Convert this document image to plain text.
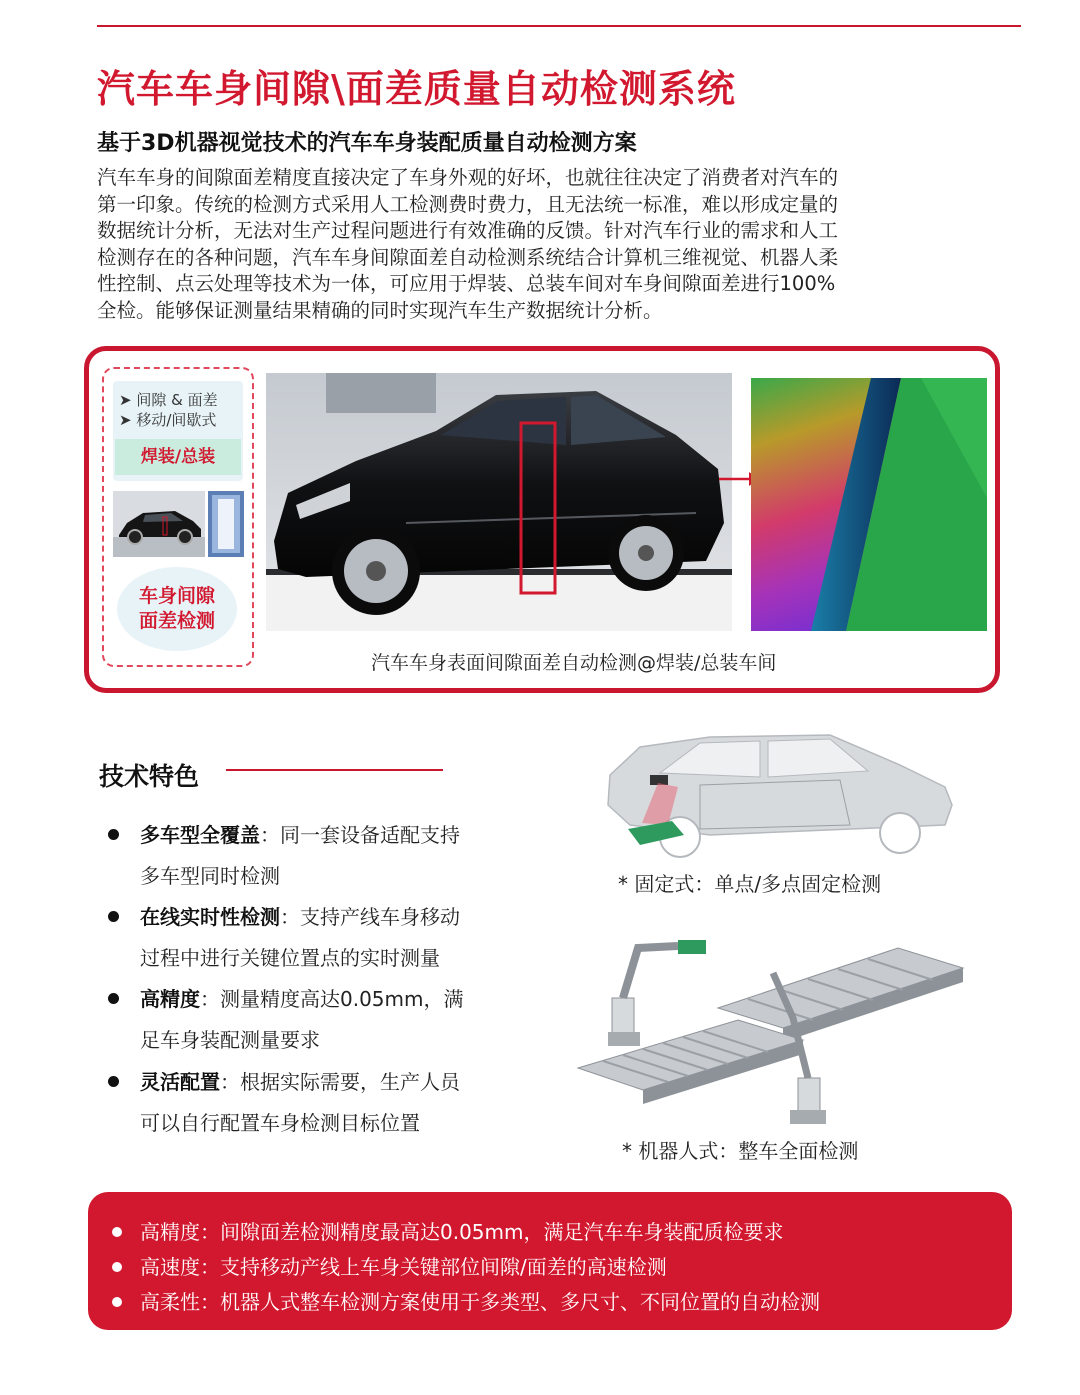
汽车车身间隙\面差质量自动检测系统
基于3D机器视觉技术的汽车车身装配质量自动检测方案
汽车车身的间隙面差精度直接决定了车身外观的好坏，也就往往决定了消费者对汽车的
第一印象。传统的检测方式采用人工检测费时费力，且无法统一标准，难以形成定量的
数据统计分析，无法对生产过程问题进行有效准确的反馈。针对汽车行业的需求和人工
检测存在的各种问题，汽车车身间隙面差自动检测系统结合计算机三维视觉、机器人柔
性控制、点云处理等技术为一体，可应用于焊装、总装车间对车身间隙面差进行100%
全检。能够保证测量结果精确的同时实现汽车生产数据统计分析。
➤ 间隙 & 面差
➤ 移动/间歇式
焊装/总装
车身间隙
面差检测
汽车车身表面间隙面差自动检测@焊装/总装车间
技术特色
多车型全覆盖：同一套设备适配支持
多车型同时检测
在线实时性检测：支持产线车身移动
过程中进行关键位置点的实时测量
高精度：测量精度高达0.05mm，满
足车身装配测量要求
灵活配置：根据实际需要，生产人员
可以自行配置车身检测目标位置
* 固定式：单点/多点固定检测
* 机器人式：整车全面检测
高精度：间隙面差检测精度最高达0.05mm，满足汽车车身装配质检要求
高速度：支持移动产线上车身关键部位间隙/面差的高速检测
高柔性：机器人式整车检测方案使用于多类型、多尺寸、不同位置的自动检测
